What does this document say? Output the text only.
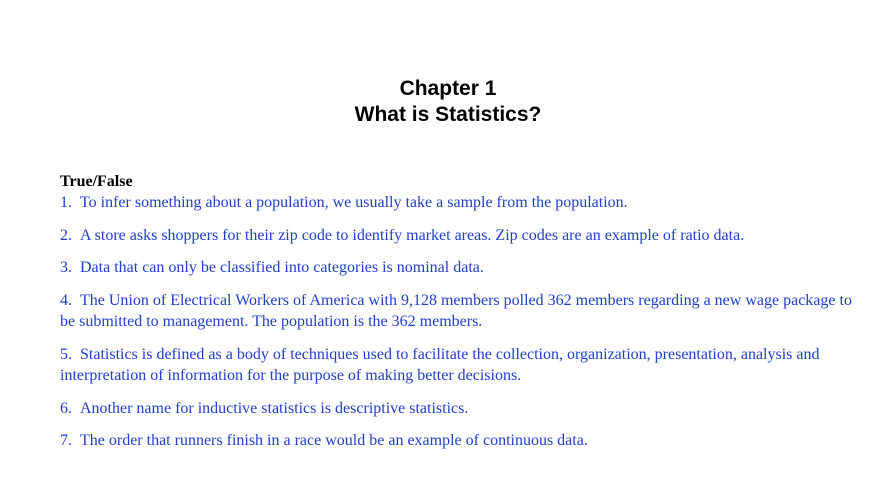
Chapter 1
What is Statistics?

True/False

1. To infer something about a population, we usually take a sample from the population.

2. A store asks shoppers for their zip code to identify market areas. Zip codes are an example of ratio data.

3. Data that can only be classified into categories is nominal data.

4. The Union of Electrical Workers of America with 9,128 members polled 362 members regarding a new wage package to be submitted to management. The population is the 362 members.

5. Statistics is defined as a body of techniques used to facilitate the collection, organization, presentation, analysis and interpretation of information for the purpose of making better decisions.

6. Another name for inductive statistics is descriptive statistics.

7. The order that runners finish in a race would be an example of continuous data.
